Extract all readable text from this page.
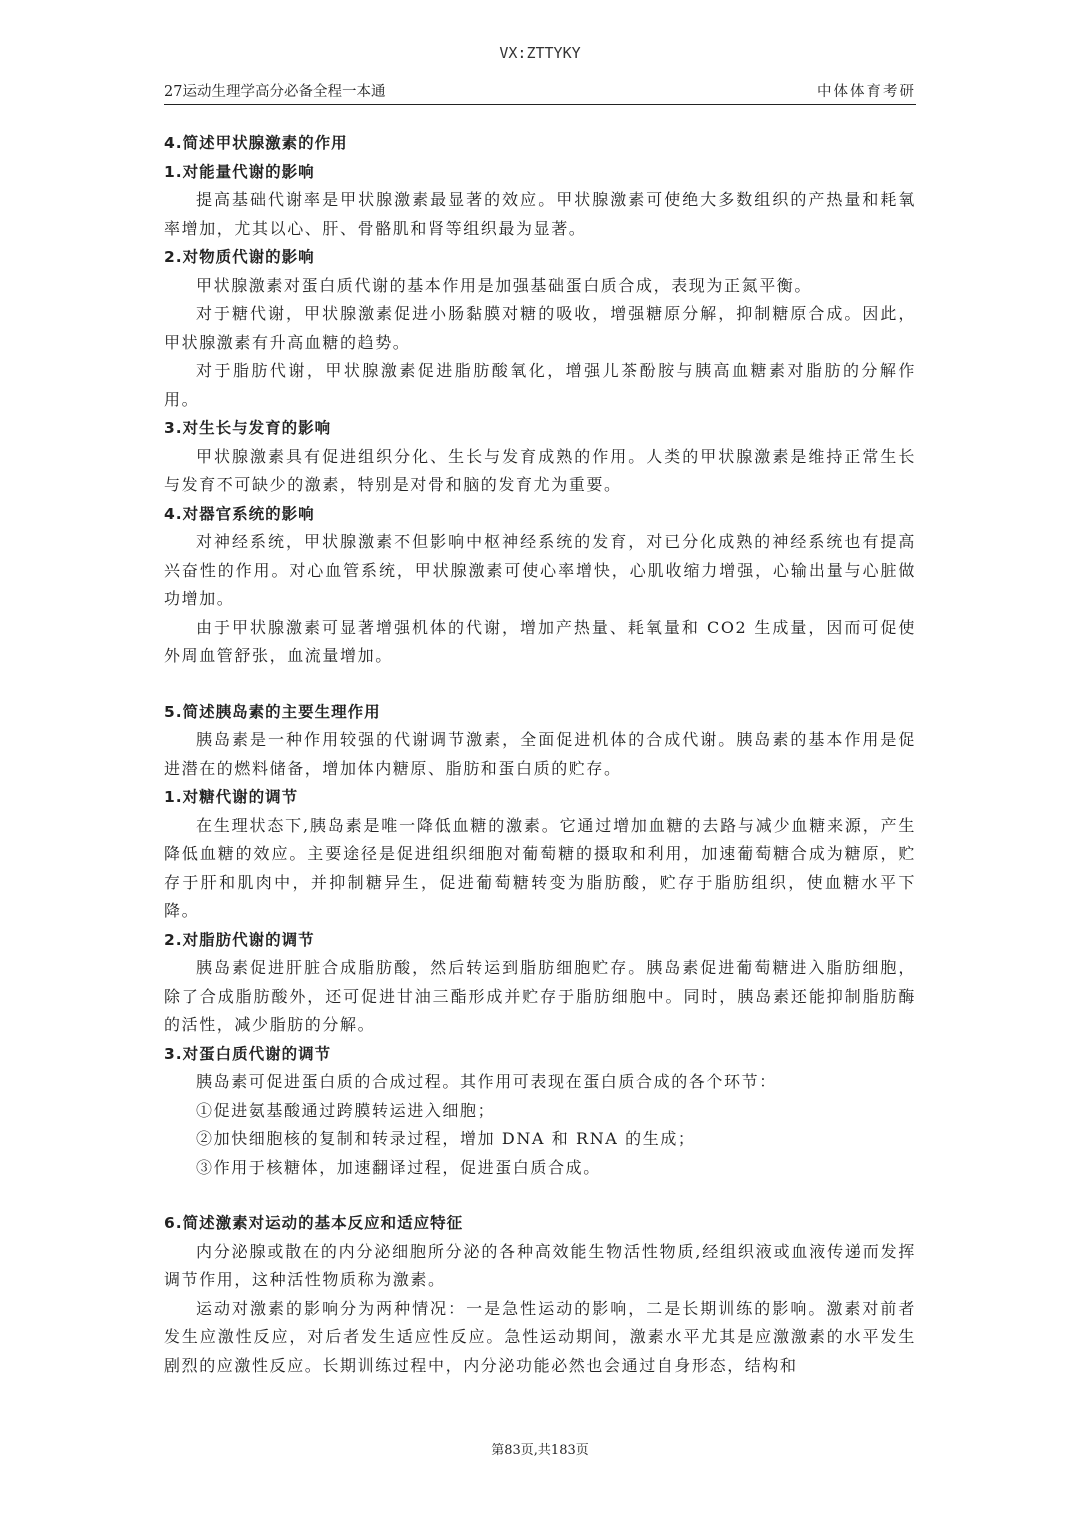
VX:ZTTYKY
27运动生理学高分必备全程一本通	中体体育考研

4.简述甲状腺激素的作用

1.对能量代谢的影响

提高基础代谢率是甲状腺激素最显著的效应。甲状腺激素可使绝大多数组织的产热量和耗氧率增加，尤其以心、肝、骨骼肌和肾等组织最为显著。

2.对物质代谢的影响

甲状腺激素对蛋白质代谢的基本作用是加强基础蛋白质合成，表现为正氮平衡。

对于糖代谢，甲状腺激素促进小肠黏膜对糖的吸收，增强糖原分解，抑制糖原合成。因此，甲状腺激素有升高血糖的趋势。

对于脂肪代谢，甲状腺激素促进脂肪酸氧化，增强儿茶酚胺与胰高血糖素对脂肪的分解作用。

3.对生长与发育的影响

甲状腺激素具有促进组织分化、生长与发育成熟的作用。人类的甲状腺激素是维持正常生长与发育不可缺少的激素，特别是对骨和脑的发育尤为重要。

4.对器官系统的影响

对神经系统，甲状腺激素不但影响中枢神经系统的发育，对已分化成熟的神经系统也有提高兴奋性的作用。对心血管系统，甲状腺激素可使心率增快，心肌收缩力增强，心输出量与心脏做功增加。

由于甲状腺激素可显著增强机体的代谢，增加产热量、耗氧量和 CO2 生成量，因而可促使外周血管舒张，血流量增加。

5.简述胰岛素的主要生理作用

胰岛素是一种作用较强的代谢调节激素，全面促进机体的合成代谢。胰岛素的基本作用是促进潜在的燃料储备，增加体内糖原、脂肪和蛋白质的贮存。

1.对糖代谢的调节

在生理状态下,胰岛素是唯一降低血糖的激素。它通过增加血糖的去路与减少血糖来源，产生降低血糖的效应。主要途径是促进组织细胞对葡萄糖的摄取和利用，加速葡萄糖合成为糖原，贮存于肝和肌肉中，并抑制糖异生，促进葡萄糖转变为脂肪酸，贮存于脂肪组织，使血糖水平下降。

2.对脂肪代谢的调节

胰岛素促进肝脏合成脂肪酸，然后转运到脂肪细胞贮存。胰岛素促进葡萄糖进入脂肪细胞，除了合成脂肪酸外，还可促进甘油三酯形成并贮存于脂肪细胞中。同时，胰岛素还能抑制脂肪酶的活性，减少脂肪的分解。

3.对蛋白质代谢的调节

胰岛素可促进蛋白质的合成过程。其作用可表现在蛋白质合成的各个环节：

①促进氨基酸通过跨膜转运进入细胞；

②加快细胞核的复制和转录过程，增加 DNA 和 RNA 的生成；

③作用于核糖体，加速翻译过程，促进蛋白质合成。

6.简述激素对运动的基本反应和适应特征

内分泌腺或散在的内分泌细胞所分泌的各种高效能生物活性物质,经组织液或血液传递而发挥调节作用，这种活性物质称为激素。

运动对激素的影响分为两种情况：一是急性运动的影响，二是长期训练的影响。激素对前者发生应激性反应，对后者发生适应性反应。急性运动期间，激素水平尤其是应激激素的水平发生剧烈的应激性反应。长期训练过程中，内分泌功能必然也会通过自身形态，结构和

第83页,共183页
